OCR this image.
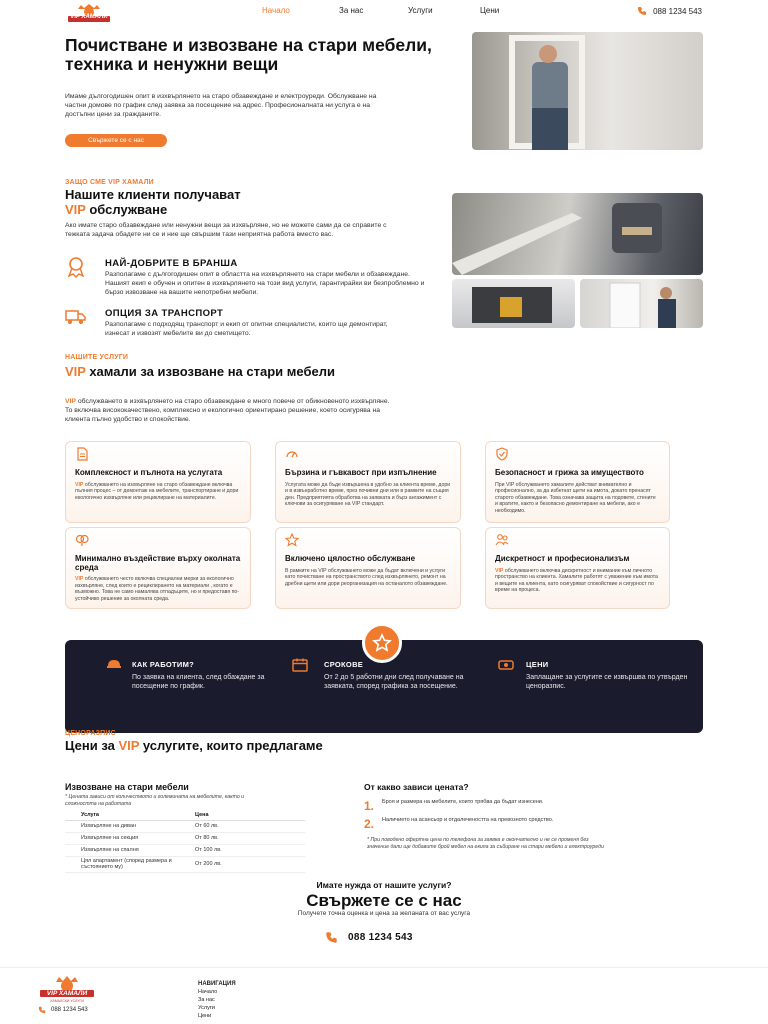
VIP ХАМАЛИ
Начало	За нас	Услуги	Цени	088 1234 543
Почистване и извозване на стари мебели, техника и ненужни вещи

Имаме дългогодишен опит в изхвърлянето на старо обзавеждане и електроуреди. Обслужване на частни домове по график след заявка за посещение на адрес. Професионалната ни услуга е на достъпни цени за гражданите.

Свържете се с нас
ЗАЩО СМЕ VIP ХАМАЛИ
Нашите клиенти получават
VIP обслужване

Ако имате старо обзавеждане или ненужни вещи за изхвърляне, но не можете сами да се справите с тежката задача обадете ни се и ние ще свършим тази неприятна работа вместо вас.

НАЙ-ДОБРИТЕ В БРАНША

Разполагаме с дългогодишен опит в областта на изхвърлянето на стари мебели и обзавеждане. Нашият екип е обучен и опитен в изхвърлянето на този вид услуги, гарантирайки ви безпроблемно и бързо извозване на вашите непотребни мебели.

ОПЦИЯ ЗА ТРАНСПОРТ

Разполагаме с подходящ транспорт и екип от опитни специалисти, които ще демонтират, изнесат и извозят мебелите ви до сметището.

НАШИТЕ УСЛУГИ
VIP хамали за извозване на стари мебели

VIP обслужването в изхвърлянето на старо обзавеждане е много повече от обикновеното изхвърляне. То включва висококачествено, комплексно и екологично ориентирано решение, което осигурява на клиента пълно удобство и спокойствие.

Комплексност и пълнота на услугата
VIP обслужването на изхвърляне на старо обзавеждане включва пълния процес – от демонтаж на мебелите, транспортиране и дори екологично изхвърляне или рециклиране на материалите.
Бързина и гъвкавост при изпълнение
Услугата може да бъде извършена в удобно за клиента време, дори и в извънработно време, през почивни дни или в рамките на същия ден. Предприятията обработва на заявката и бърз ангажимент с ключови за осигуряване на VIP стандарт.
Безопасност и грижа за имуществото
При VIP обслужването хамалите действат внимателно и професионално, за да избегнат щети на имота, докато пренасят старото обзавеждане. Това означава защита на подовете, стените и вратите, както и безопасно демонтиране на мебели, ако е необходимо.
Минимално въздействие върху околната среда
VIP обслужването често включва специални мерки за екологично изхвърляне, след които е рециклирането на материали , когато е възможно. Това не само намалява отпадъците, но и предоставя по-устойчиво решение за околната среда.
Включено цялостно обслужване
В рамките на VIP обслужването може да бъдат включени и услуги като почистване на пространството след изхвърлянето, ремонт на дребни щети или дори реорганизация на останалото обзавеждане.
Дискретност и професионализъм
VIP обслужването включва дискретност и внимание към личното пространство на клиента. Хамалите работят с уважение към имота и вещите на клиента, като осигуряват спокойствие и сигурност по време на процеса.
КАК РАБОТИМ?
По заявка на клиента, след обаждане за посещение по график.
СРОКОВЕ
От 2 до 5 работни дни след получаване на заявката, според графика за посещение.
ЦЕНИ
Заплащане за услугите се извършва по утвърден ценоразпис.
ЦЕНОРАЗПИС
Цени за VIP услугите, които предлагаме
Извозване на стари мебели
* Цената зависи от количеството и големината на мебелите, както и сложността на работата
Услуга	Цена
Изхвърляне на диван	От 60 лв.
Изхвърляне на секция	От 80 лв.
Изхвърляне на спалня	От 100 лв.
Цял апартамент (според размера и състоянието му)	От 200 лв.
От какво зависи цената?
1.	Броя и размера на мебелите, които трябва да бъдат изнесени.
2.	Наличието на асансьор и отдалечеността на превозното средство.
* При поводено офертна цена по телефона за заявка е окончателно и не се променя без значение дали ще добавите брой мебел на екипа за събиране на стари мебели и електроуреди
Имате нужда от нашите услуги?
Свържете се с нас
Получете точна оценка и цена за желаната от вас услуга
088 1234 543
VIP ХАМАЛИ
ХАМАЛСКИ УСЛУГИ
088 1234 543
НАВИГАЦИЯ
Начало
За нас
Услуги
Цени
